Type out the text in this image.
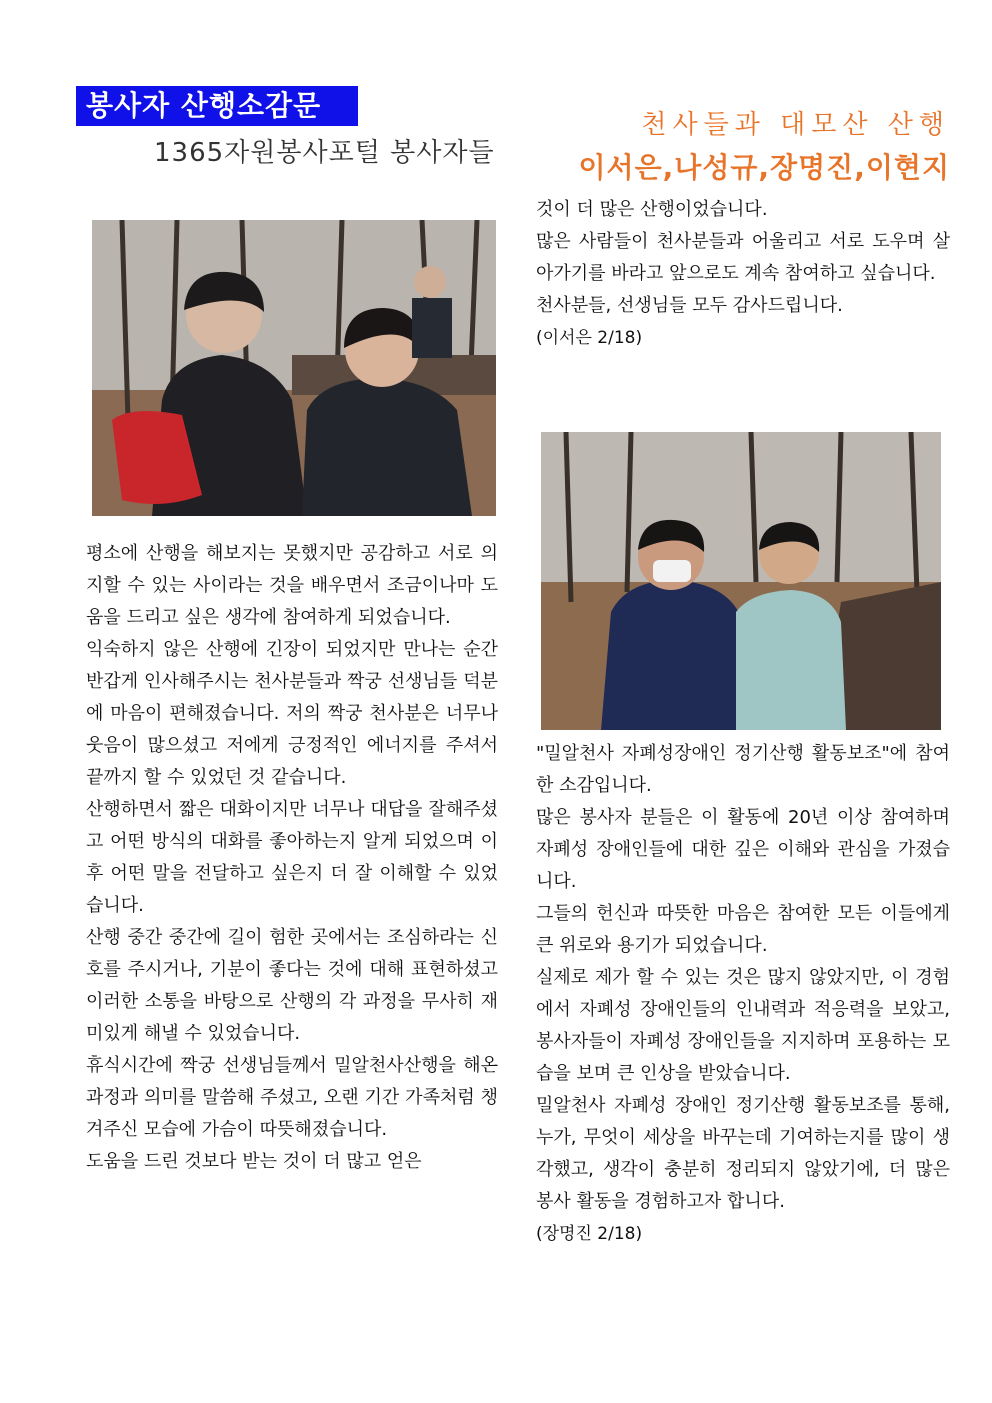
봉사자 산행소감문
1365자원봉사포털 봉사자들
천사들과 대모산 산행
이서은,나성규,장명진,이현지

평소에 산행을 해보지는 못했지만 공감하고 서로 의지할 수 있는 사이라는 것을 배우면서 조금이나마 도움을 드리고 싶은 생각에 참여하게 되었습니다.

익숙하지 않은 산행에 긴장이 되었지만 만나는 순간 반갑게 인사해주시는 천사분들과 짝궁 선생님들 덕분에 마음이 편해졌습니다. 저의 짝궁 천사분은 너무나 웃음이 많으셨고 저에게 긍정적인 에너지를 주셔서 끝까지 할 수 있었던 것 같습니다.

산행하면서 짧은 대화이지만 너무나 대답을 잘해주셨고 어떤 방식의 대화를 좋아하는지 알게 되었으며 이후 어떤 말을 전달하고 싶은지 더 잘 이해할 수 있었습니다.

산행 중간 중간에 길이 험한 곳에서는 조심하라는 신호를 주시거나, 기분이 좋다는 것에 대해 표현하셨고 이러한 소통을 바탕으로 산행의 각 과정을 무사히 재미있게 해낼 수 있었습니다.

휴식시간에 짝궁 선생님들께서 밀알천사산행을 해온 과정과 의미를 말씀해 주셨고, 오랜 기간 가족처럼 챙겨주신 모습에 가슴이 따뜻해졌습니다.

도움을 드린 것보다 받는 것이 더 많고 얻은

것이 더 많은 산행이었습니다.

많은 사람들이 천사분들과 어울리고 서로 도우며 살아가기를 바라고 앞으로도 계속 참여하고 싶습니다.

천사분들, 선생님들 모두 감사드립니다.

(이서은 2/18)

"밀알천사 자폐성장애인 정기산행 활동보조"에 참여한 소감입니다.

많은 봉사자 분들은 이 활동에 20년 이상 참여하며 자폐성 장애인들에 대한 깊은 이해와 관심을 가졌습니다.

그들의 헌신과 따뜻한 마음은 참여한 모든 이들에게 큰 위로와 용기가 되었습니다.

실제로 제가 할 수 있는 것은 많지 않았지만, 이 경험에서 자폐성 장애인들의 인내력과 적응력을 보았고, 봉사자들이 자폐성 장애인들을 지지하며 포용하는 모습을 보며 큰 인상을 받았습니다.

밀알천사 자폐성 장애인 정기산행 활동보조를 통해, 누가, 무엇이 세상을 바꾸는데 기여하는지를 많이 생각했고, 생각이 충분히 정리되지 않았기에, 더 많은 봉사 활동을 경험하고자 합니다.

(장명진 2/18)
